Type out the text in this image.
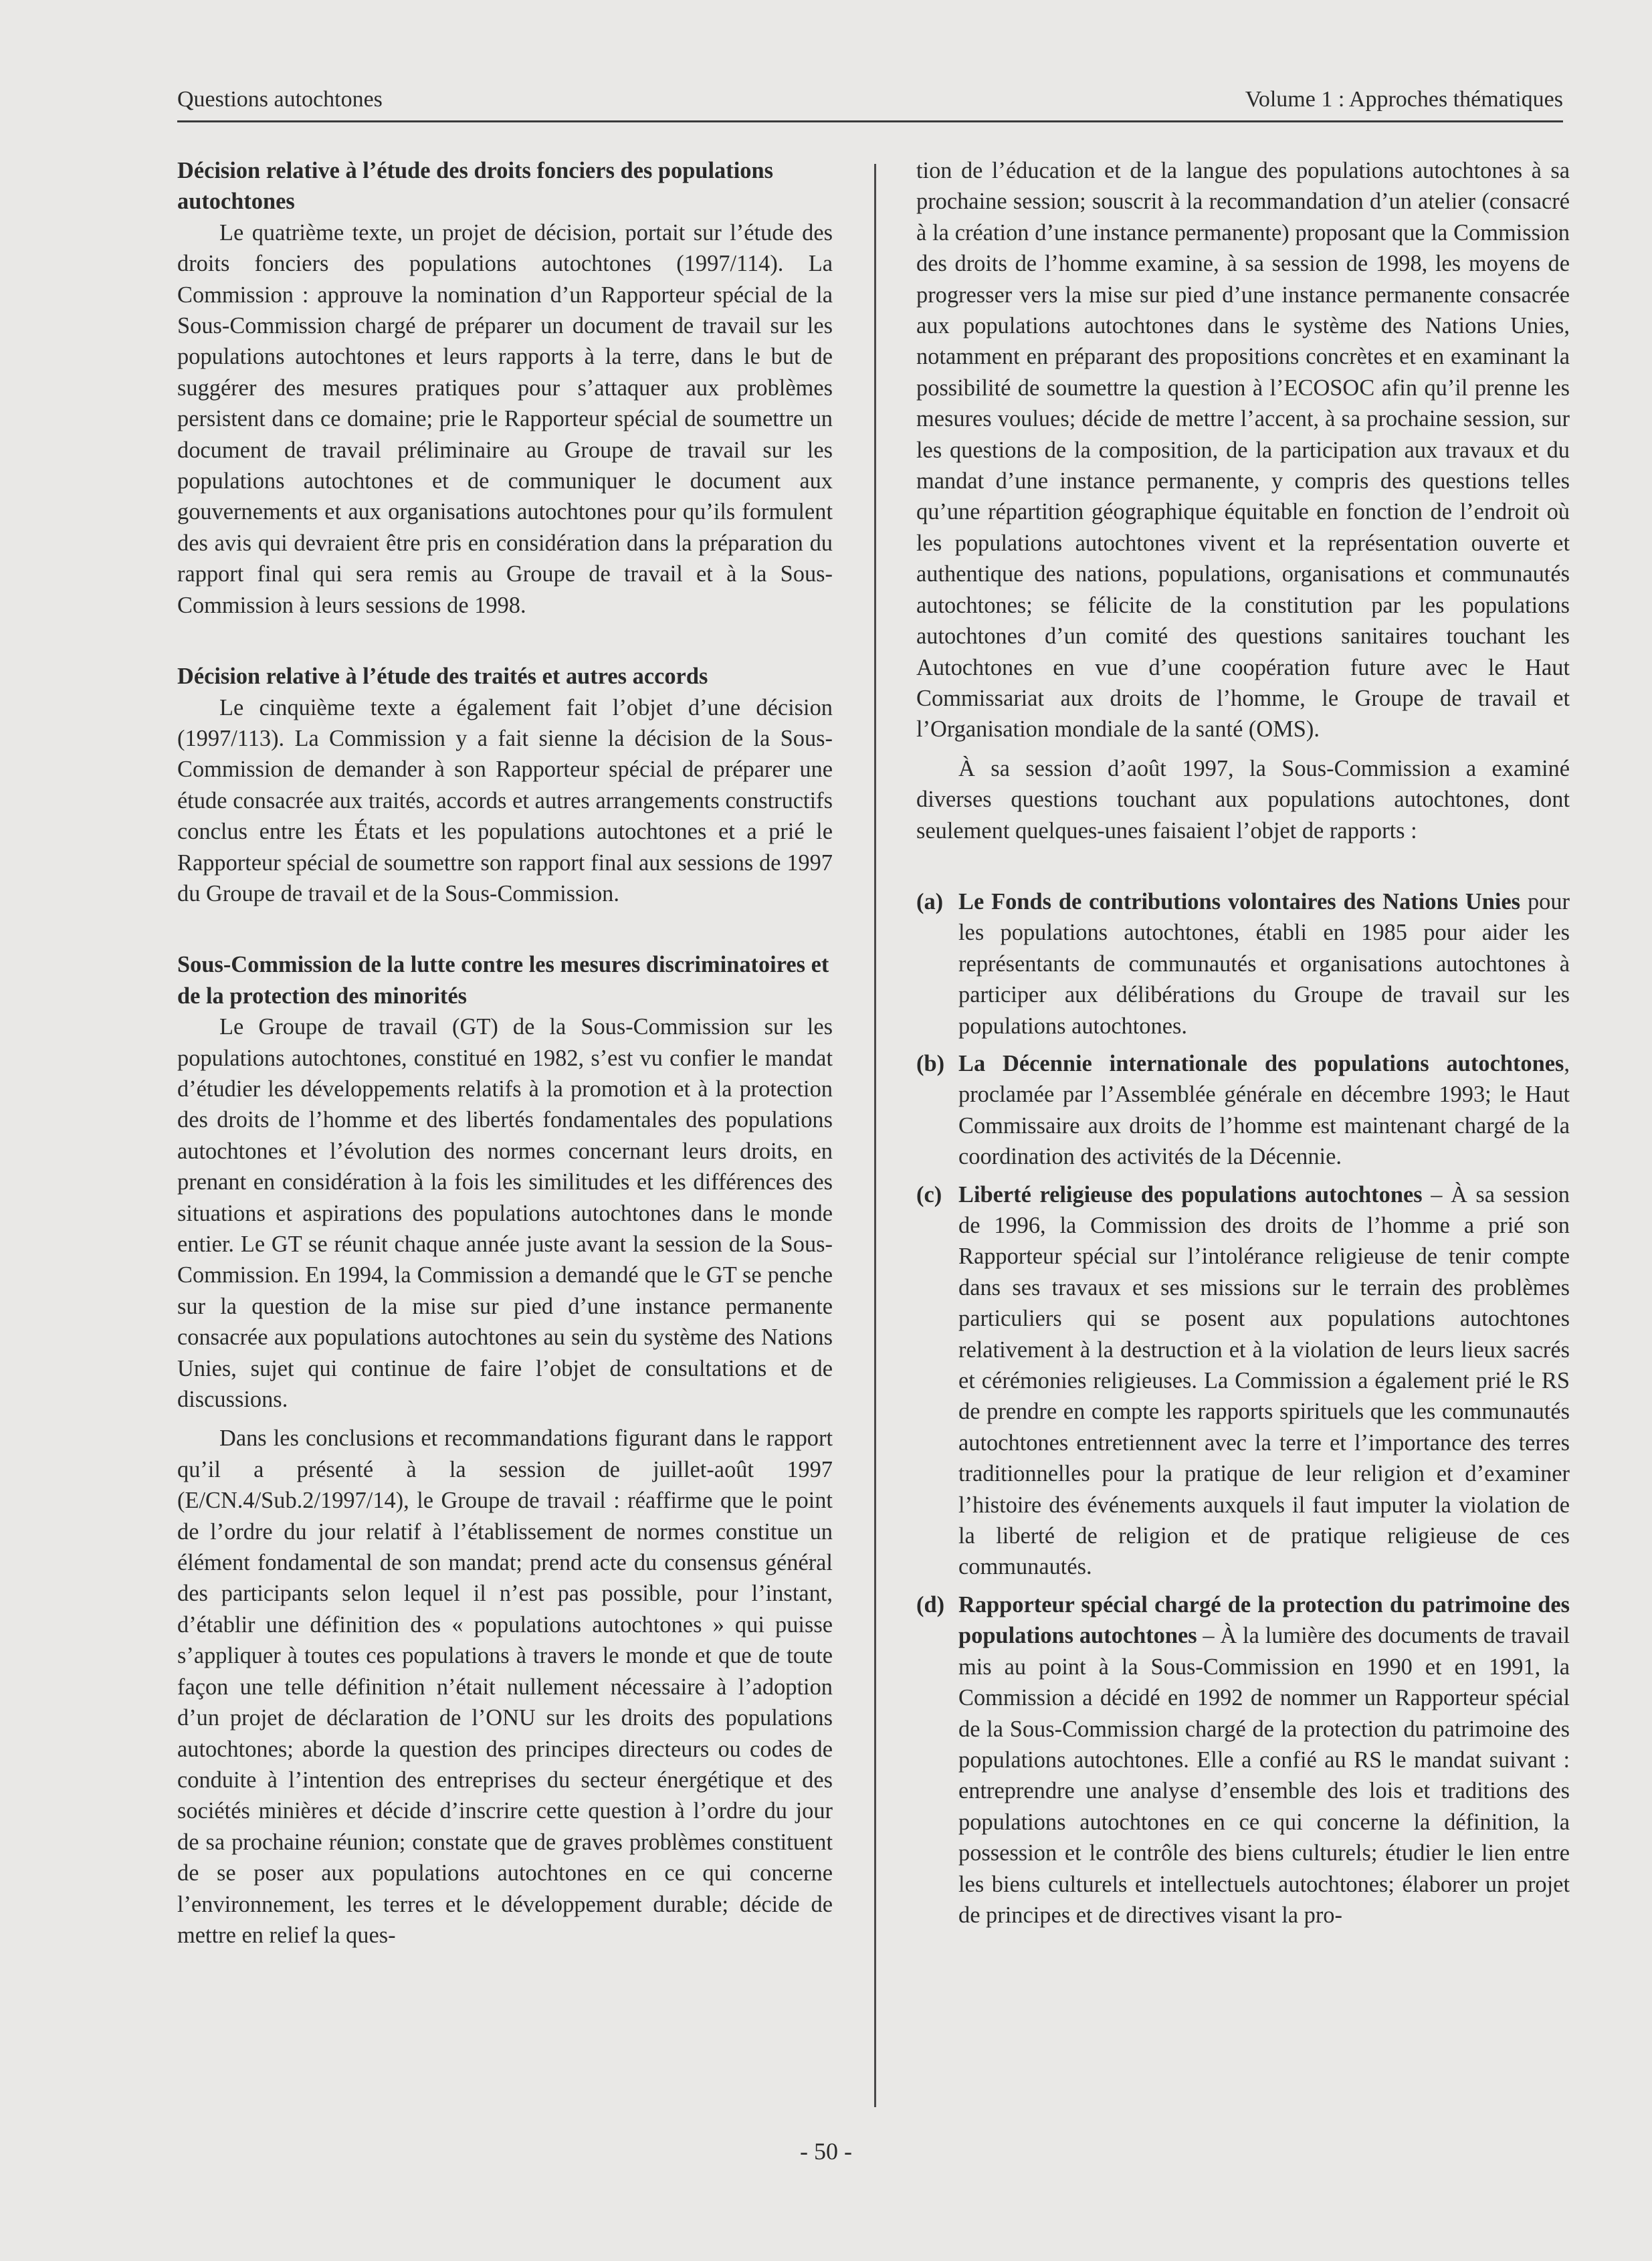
Questions autochtones	Volume 1 : Approches thématiques
Décision relative à l’étude des droits fonciers des populations autochtones

Le quatrième texte, un projet de décision, portait sur l’étude des droits fonciers des populations autochtones (1997/114). La Commission : approuve la nomination d’un Rapporteur spécial de la Sous-Commission chargé de préparer un document de travail sur les populations autochtones et leurs rapports à la terre, dans le but de suggérer des mesures pratiques pour s’attaquer aux problèmes persistent dans ce domaine; prie le Rapporteur spécial de soumettre un document de travail préliminaire au Groupe de travail sur les populations autochtones et de communiquer le document aux gouvernements et aux organisations autochtones pour qu’ils formulent des avis qui devraient être pris en considération dans la préparation du rapport final qui sera remis au Groupe de travail et à la Sous-Commission à leurs sessions de 1998.

Décision relative à l’étude des traités et autres accords

Le cinquième texte a également fait l’objet d’une décision (1997/113). La Commission y a fait sienne la décision de la Sous-Commission de demander à son Rapporteur spécial de préparer une étude consacrée aux traités, accords et autres arrangements constructifs conclus entre les États et les populations autochtones et a prié le Rapporteur spécial de soumettre son rapport final aux sessions de 1997 du Groupe de travail et de la Sous-Commission.

Sous-Commission de la lutte contre les mesures discriminatoires et de la protection des minorités

Le Groupe de travail (GT) de la Sous-Commission sur les populations autochtones, constitué en 1982, s’est vu confier le mandat d’étudier les développements relatifs à la promotion et à la protection des droits de l’homme et des libertés fondamentales des populations autochtones et l’évolution des normes concernant leurs droits, en prenant en considération à la fois les similitudes et les différences des situations et aspirations des populations autochtones dans le monde entier. Le GT se réunit chaque année juste avant la session de la Sous-Commission. En 1994, la Commission a demandé que le GT se penche sur la question de la mise sur pied d’une instance permanente consacrée aux populations autochtones au sein du système des Nations Unies, sujet qui continue de faire l’objet de consultations et de discussions.

Dans les conclusions et recommandations figurant dans le rapport qu’il a présenté à la session de juillet-août 1997 (E/CN.4/Sub.2/1997/14), le Groupe de travail : réaffirme que le point de l’ordre du jour relatif à l’établissement de normes constitue un élément fondamental de son mandat; prend acte du consensus général des participants selon lequel il n’est pas possible, pour l’instant, d’établir une définition des « populations autochtones » qui puisse s’appliquer à toutes ces populations à travers le monde et que de toute façon une telle définition n’était nullement nécessaire à l’adoption d’un projet de déclaration de l’ONU sur les droits des populations autochtones; aborde la question des principes directeurs ou codes de conduite à l’intention des entreprises du secteur énergétique et des sociétés minières et décide d’inscrire cette question à l’ordre du jour de sa prochaine réunion; constate que de graves problèmes constituent de se poser aux populations autochtones en ce qui concerne l’environnement, les terres et le développement durable; décide de mettre en relief la ques-

tion de l’éducation et de la langue des populations autochtones à sa prochaine session; souscrit à la recommandation d’un atelier (consacré à la création d’une instance permanente) proposant que la Commission des droits de l’homme examine, à sa session de 1998, les moyens de progresser vers la mise sur pied d’une instance permanente consacrée aux populations autochtones dans le système des Nations Unies, notamment en préparant des propositions concrètes et en examinant la possibilité de soumettre la question à l’ECOSOC afin qu’il prenne les mesures voulues; décide de mettre l’accent, à sa prochaine session, sur les questions de la composition, de la participation aux travaux et du mandat d’une instance permanente, y compris des questions telles qu’une répartition géographique équitable en fonction de l’endroit où les populations autochtones vivent et la représentation ouverte et authentique des nations, populations, organisations et communautés autochtones; se félicite de la constitution par les populations autochtones d’un comité des questions sanitaires touchant les Autochtones en vue d’une coopération future avec le Haut Commissariat aux droits de l’homme, le Groupe de travail et l’Organisation mondiale de la santé (OMS).

À sa session d’août 1997, la Sous-Commission a examiné diverses questions touchant aux populations autochtones, dont seulement quelques-unes faisaient l’objet de rapports :

(a) Le Fonds de contributions volontaires des Nations Unies pour les populations autochtones, établi en 1985 pour aider les représentants de communautés et organisations autochtones à participer aux délibérations du Groupe de travail sur les populations autochtones.
(b) La Décennie internationale des populations autochtones, proclamée par l’Assemblée générale en décembre 1993; le Haut Commissaire aux droits de l’homme est maintenant chargé de la coordination des activités de la Décennie.
(c) Liberté religieuse des populations autochtones – À sa session de 1996, la Commission des droits de l’homme a prié son Rapporteur spécial sur l’intolérance religieuse de tenir compte dans ses travaux et ses missions sur le terrain des problèmes particuliers qui se posent aux populations autochtones relativement à la destruction et à la violation de leurs lieux sacrés et cérémonies religieuses. La Commission a également prié le RS de prendre en compte les rapports spirituels que les communautés autochtones entretiennent avec la terre et l’importance des terres traditionnelles pour la pratique de leur religion et d’examiner l’histoire des événements auxquels il faut imputer la violation de la liberté de religion et de pratique religieuse de ces communautés.
(d) Rapporteur spécial chargé de la protection du patrimoine des populations autochtones – À la lumière des documents de travail mis au point à la Sous-Commission en 1990 et en 1991, la Commission a décidé en 1992 de nommer un Rapporteur spécial de la Sous-Commission chargé de la protection du patrimoine des populations autochtones. Elle a confié au RS le mandat suivant : entreprendre une analyse d’ensemble des lois et traditions des populations autochtones en ce qui concerne la définition, la possession et le contrôle des biens culturels; étudier le lien entre les biens culturels et intellectuels autochtones; élaborer un projet de principes et de directives visant la pro-
- 50 -
